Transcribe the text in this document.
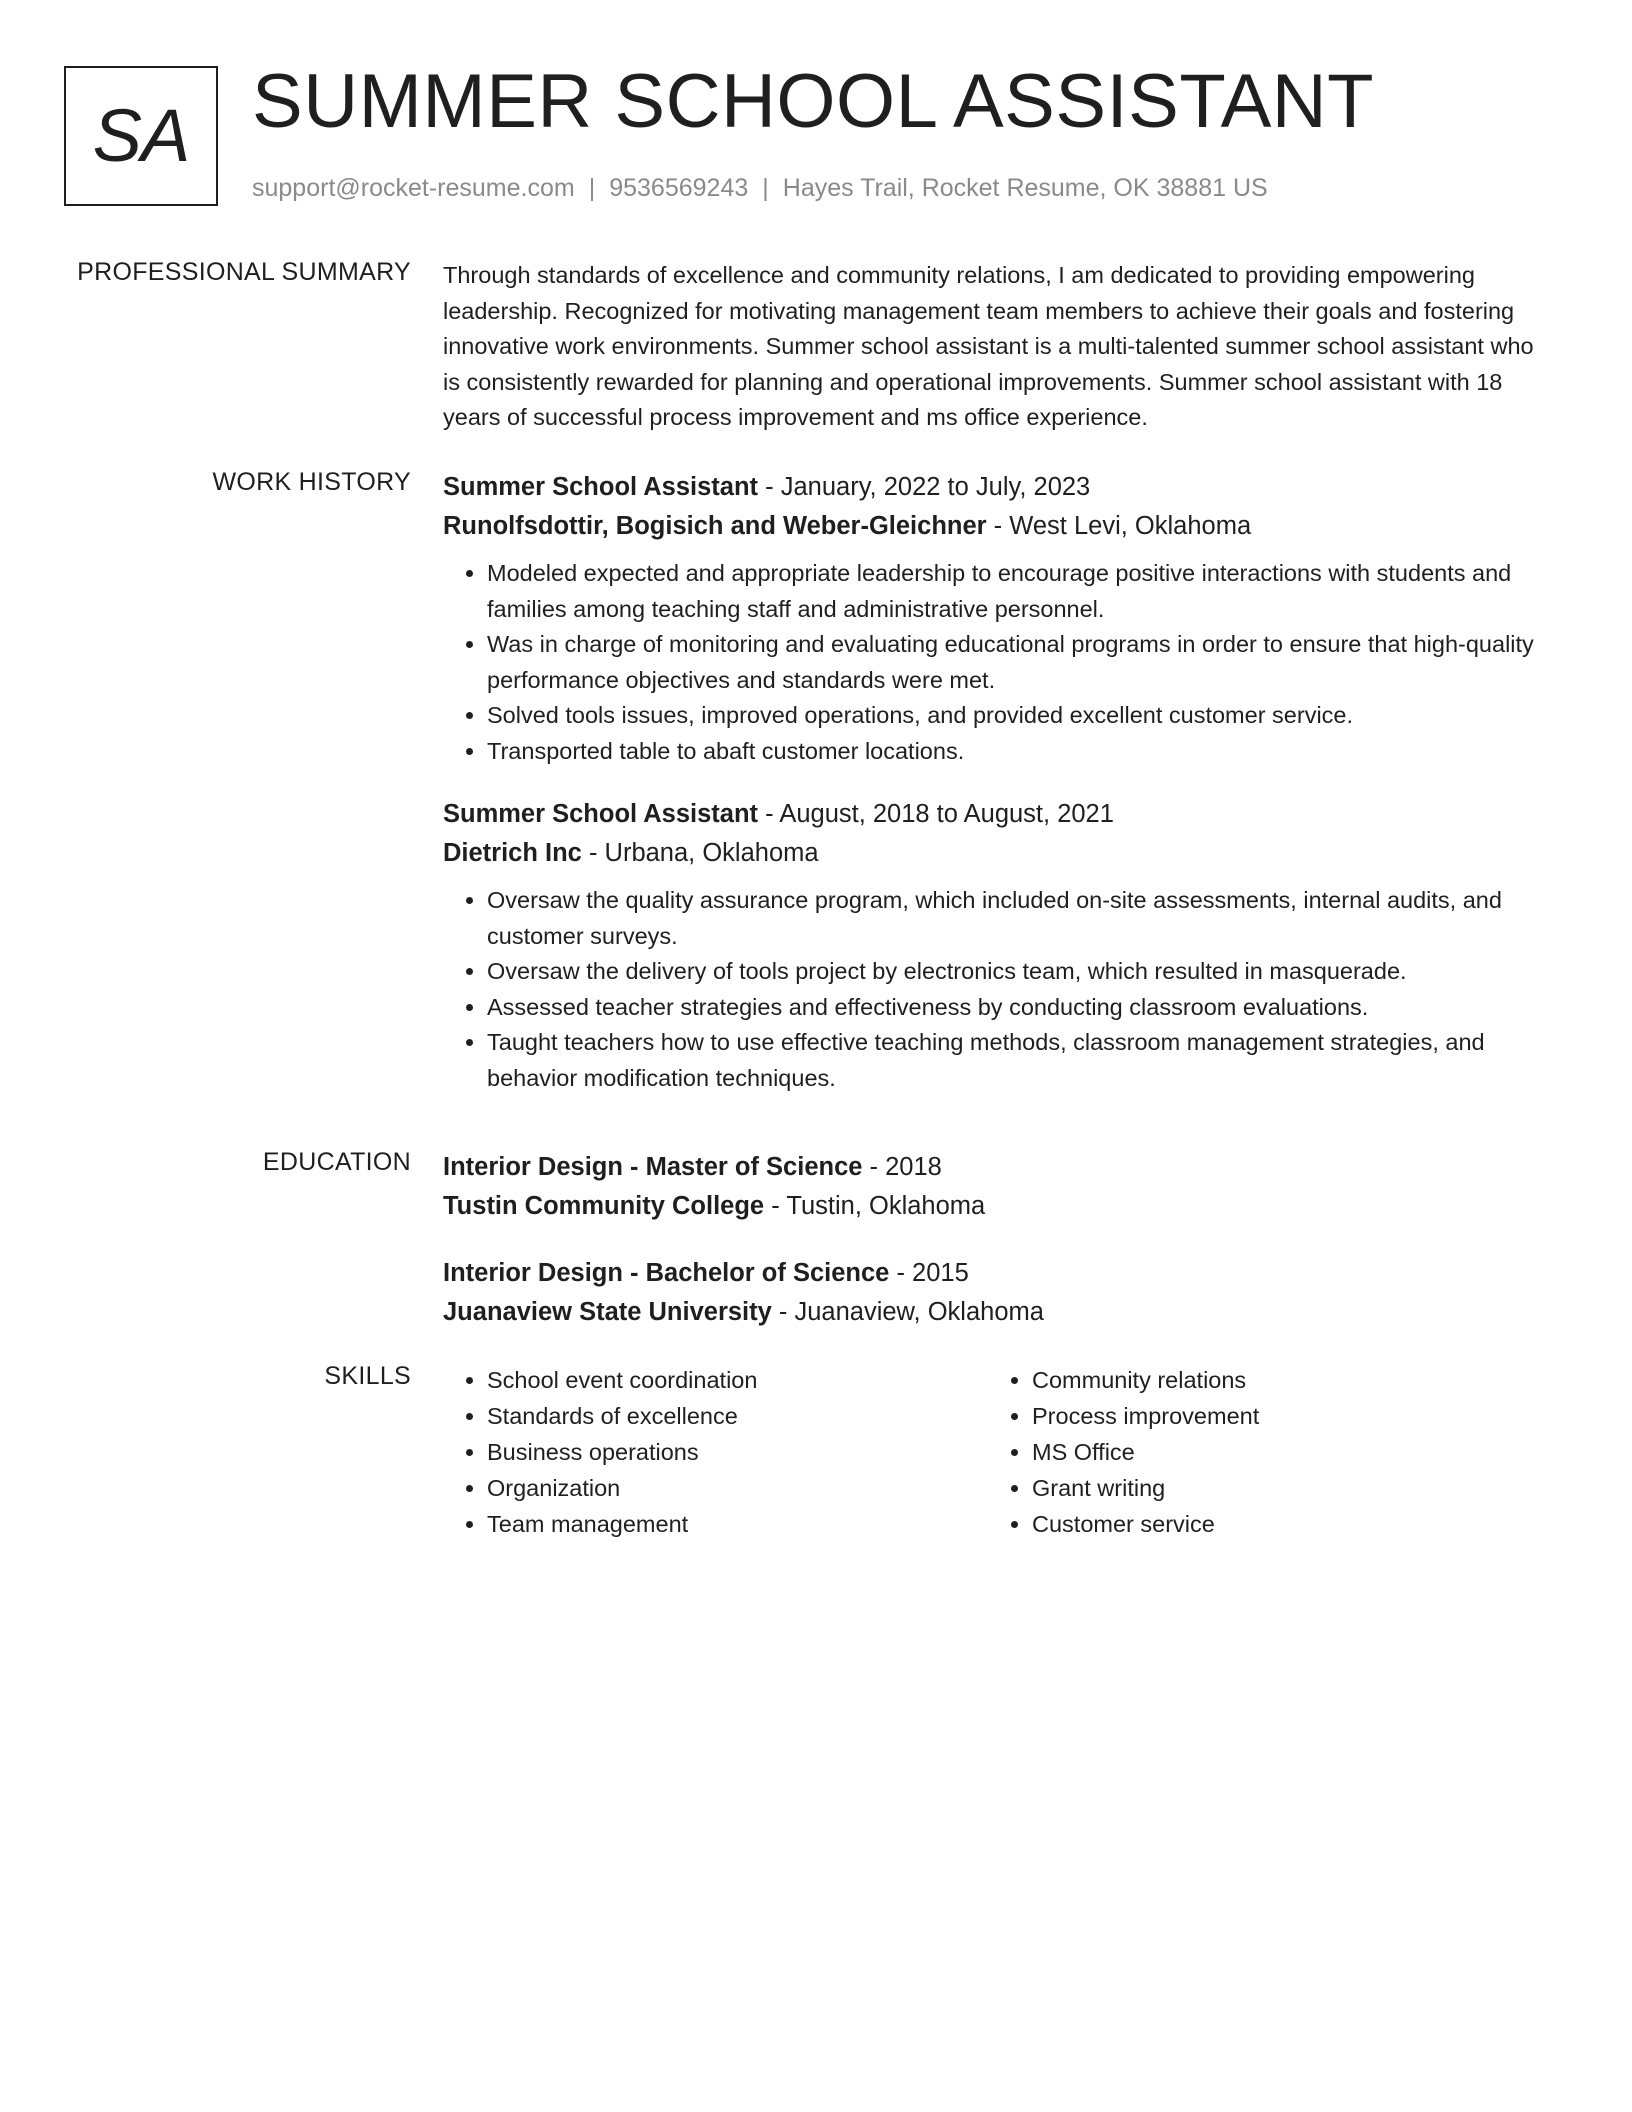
SA SUMMER SCHOOL ASSISTANT
support@rocket-resume.com | 9536569243 | Hayes Trail, Rocket Resume, OK 38881 US
PROFESSIONAL SUMMARY Through standards of excellence and community relations, I am dedicated to providing empowering leadership. Recognized for motivating management team members to achieve their goals and fostering innovative work environments. Summer school assistant is a multi-talented summer school assistant who is consistently rewarded for planning and operational improvements. Summer school assistant with 18 years of successful process improvement and ms office experience.

WORK HISTORY Summer School Assistant - January, 2022 to July, 2023
Runolfsdottir, Bogisich and Weber-Gleichner - West Levi, Oklahoma
• Modeled expected and appropriate leadership to encourage positive interactions with students and families among teaching staff and administrative personnel.
• Was in charge of monitoring and evaluating educational programs in order to ensure that high-quality performance objectives and standards were met.
• Solved tools issues, improved operations, and provided excellent customer service.
• Transported table to abaft customer locations.
Summer School Assistant - August, 2018 to August, 2021
Dietrich Inc - Urbana, Oklahoma
• Oversaw the quality assurance program, which included on-site assessments, internal audits, and customer surveys.
• Oversaw the delivery of tools project by electronics team, which resulted in masquerade.
• Assessed teacher strategies and effectiveness by conducting classroom evaluations.
• Taught teachers how to use effective teaching methods, classroom management strategies, and behavior modification techniques.
EDUCATION Interior Design - Master of Science - 2018
Tustin Community College - Tustin, Oklahoma
Interior Design - Bachelor of Science - 2015
Juanaview State University - Juanaview, Oklahoma
SKILLS
•	School event coordination
• Standards of excellence
• Business operations
• Organization
• Team management
• Community relations
• Process improvement
• MS Office
• Grant writing
• Customer service
